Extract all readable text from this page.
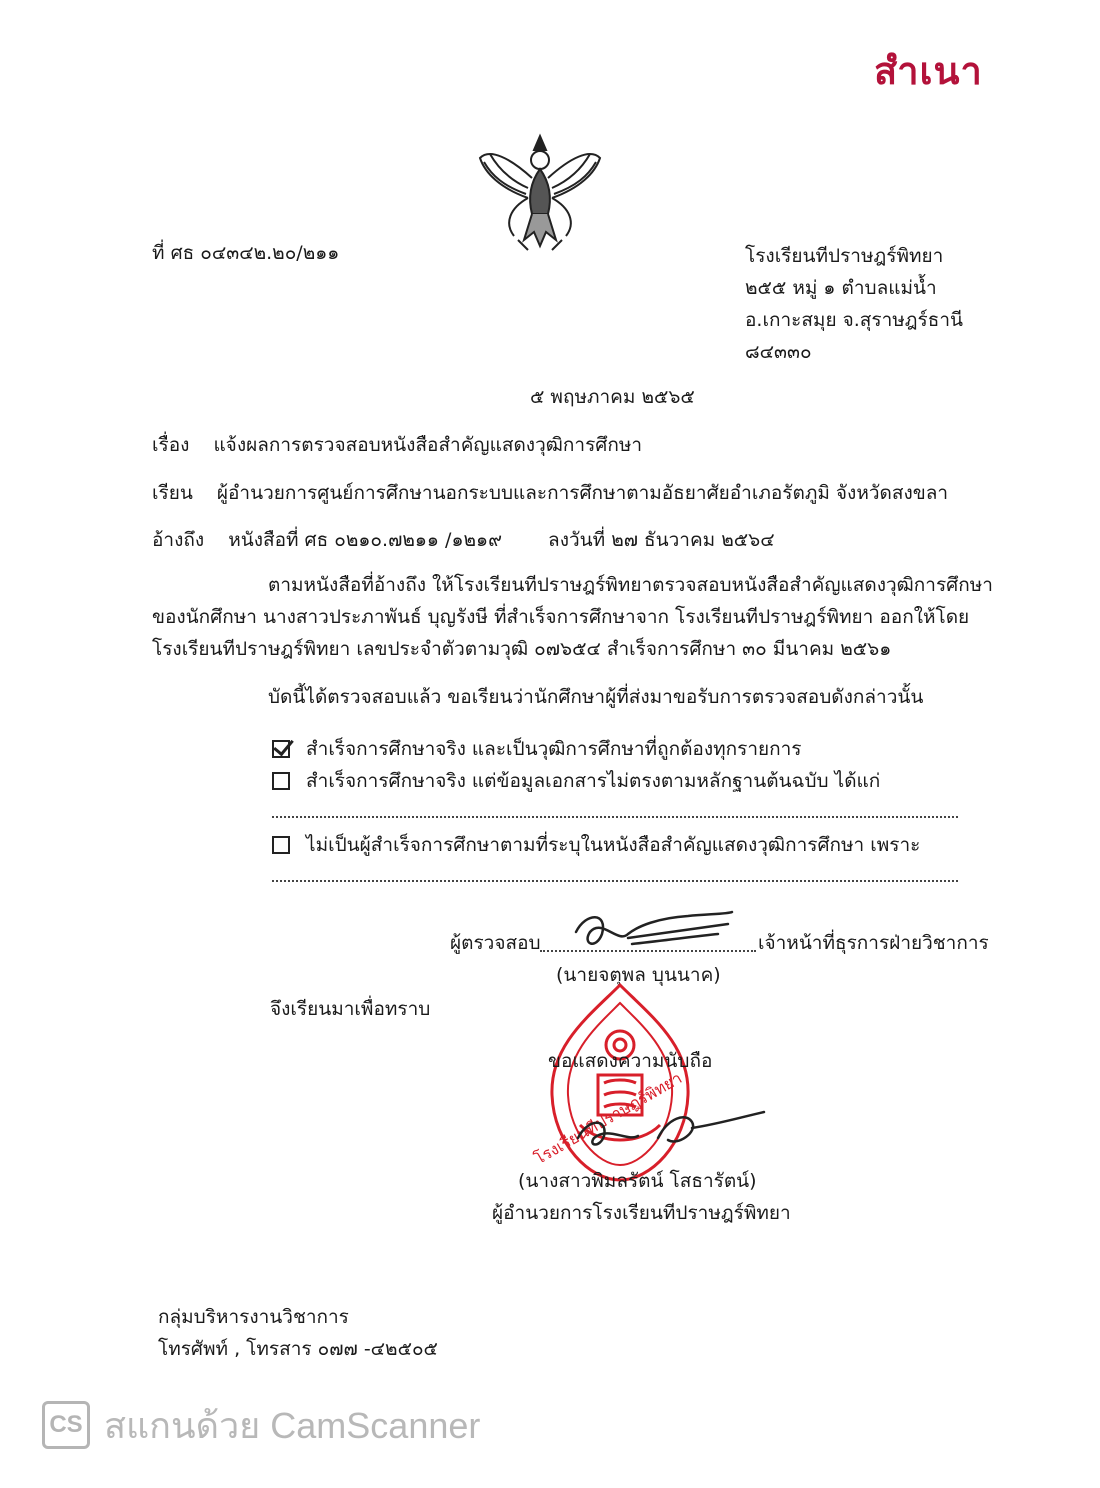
สำเนา
ที่ ศธ ๐๔๓๔๒.๒๐/๒๑๑	โรงเรียนทีปราษฎร์พิทยา
๒๕๕ หมู่ ๑ ตำบลแม่น้ำ
อ.เกาะสมุย จ.สุราษฎร์ธานี
๘๔๓๓๐
๕ พฤษภาคม ๒๕๖๕
เรื่อง แจ้งผลการตรวจสอบหนังสือสำคัญแสดงวุฒิการศึกษา
เรียน ผู้อำนวยการศูนย์การศึกษานอกระบบและการศึกษาตามอัธยาศัยอำเภอรัตภูมิ จังหวัดสงขลา
อ้างถึง หนังสือที่ ศธ ๐๒๑๐.๗๒๑๑ /๑๒๑๙ ลงวันที่ ๒๗ ธันวาคม ๒๕๖๔
ตามหนังสือที่อ้างถึง ให้โรงเรียนทีปราษฎร์พิทยาตรวจสอบหนังสือสำคัญแสดงวุฒิการศึกษา
ของนักศึกษา นางสาวประภาพันธ์ บุญรังษี ที่สำเร็จการศึกษาจาก โรงเรียนทีปราษฎร์พิทยา ออกให้โดย
โรงเรียนทีปราษฎร์พิทยา เลขประจำตัวตามวุฒิ ๐๗๖๕๔ สำเร็จการศึกษา ๓๐ มีนาคม ๒๕๖๑
บัดนี้ได้ตรวจสอบแล้ว ขอเรียนว่านักศึกษาผู้ที่ส่งมาขอรับการตรวจสอบดังกล่าวนั้น
สำเร็จการศึกษาจริง และเป็นวุฒิการศึกษาที่ถูกต้องทุกรายการ
สำเร็จการศึกษาจริง แต่ข้อมูลเอกสารไม่ตรงตามหลักฐานต้นฉบับ ได้แก่
ไม่เป็นผู้สำเร็จการศึกษาตามที่ระบุในหนังสือสำคัญแสดงวุฒิการศึกษา เพราะ
ผู้ตรวจสอบ	เจ้าหน้าที่ธุรการฝ่ายวิชาการ
(นายจตุพล บุนนาค)
จึงเรียนมาเพื่อทราบ
โรงเรียนทีปราษฎร์พิทยา
ขอแสดงความนับถือ
(นางสาวพิมลรัตน์ โสธารัตน์)
ผู้อำนวยการโรงเรียนทีปราษฎร์พิทยา
กลุ่มบริหารงานวิชาการ
โทรศัพท์ , โทรสาร ๐๗๗ -๔๒๕๐๕
CS สแกนด้วย CamScanner
